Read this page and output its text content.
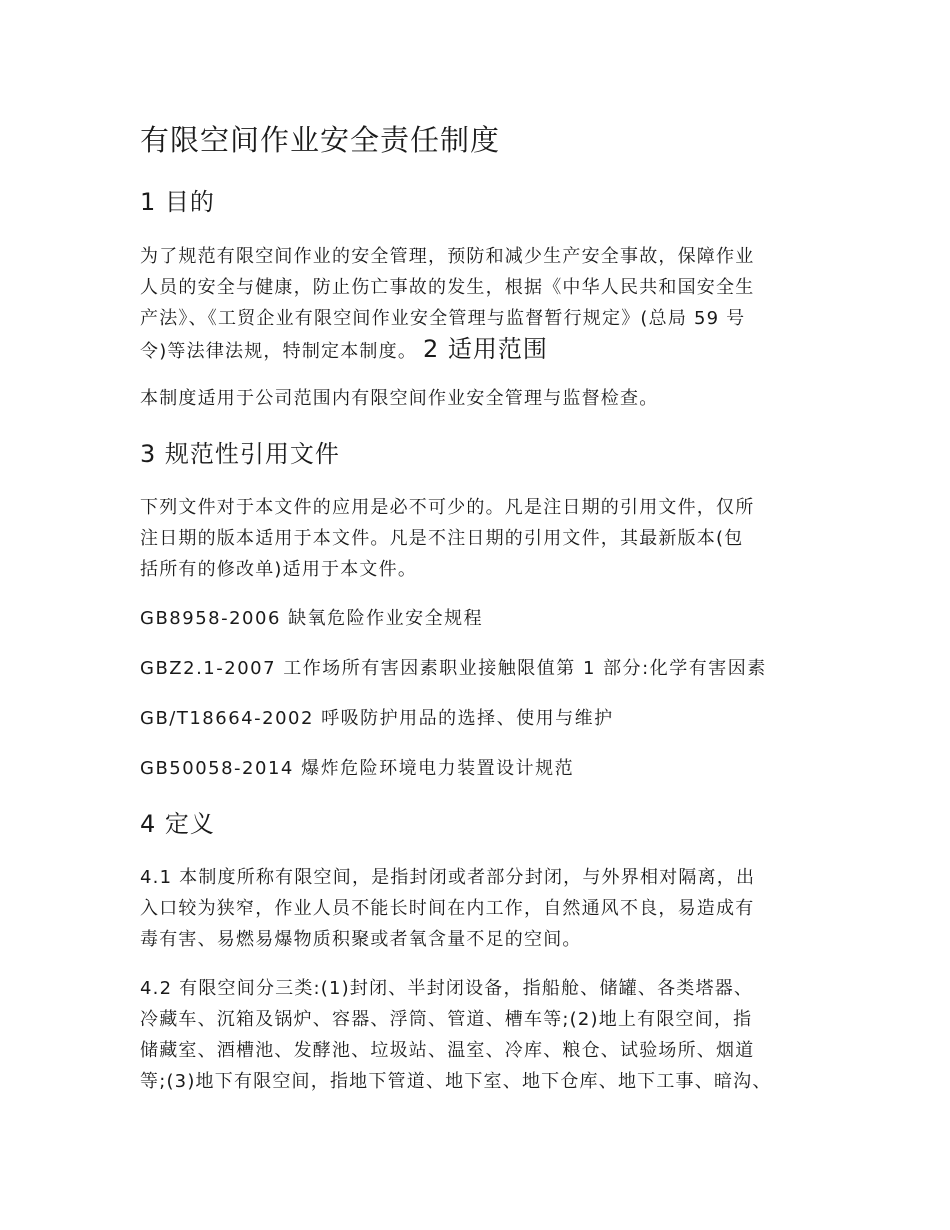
有限空间作业安全责任制度
1 目的
为了规范有限空间作业的安全管理，预防和减少生产安全事故，保障作业
人员的安全与健康，防止伤亡事故的发生，根据《中华人民共和国安全生
产法》、《工贸企业有限空间作业安全管理与监督暂行规定》(总局 59 号
令)等法律法规，特制定本制度。 2 适用范围

本制度适用于公司范围内有限空间作业安全管理与监督检查。

3 规范性引用文件
下列文件对于本文件的应用是必不可少的。凡是注日期的引用文件，仅所
注日期的版本适用于本文件。凡是不注日期的引用文件，其最新版本(包
括所有的修改单)适用于本文件。

GB8958-2006 缺氧危险作业安全规程

GBZ2.1-2007 工作场所有害因素职业接触限值第 1 部分:化学有害因素

GB/T18664-2002 呼吸防护用品的选择、使用与维护

GB50058-2014 爆炸危险环境电力装置设计规范

4 定义
4.1 本制度所称有限空间，是指封闭或者部分封闭，与外界相对隔离，出
入口较为狭窄，作业人员不能长时间在内工作，自然通风不良，易造成有
毒有害、易燃易爆物质积聚或者氧含量不足的空间。
4.2 有限空间分三类:(1)封闭、半封闭设备，指船舱、储罐、各类塔器、
冷藏车、沉箱及锅炉、容器、浮筒、管道、槽车等;(2)地上有限空间，指
储藏室、酒槽池、发酵池、垃圾站、温室、冷库、粮仓、试验场所、烟道
等;(3)地下有限空间，指地下管道、地下室、地下仓库、地下工事、暗沟、
